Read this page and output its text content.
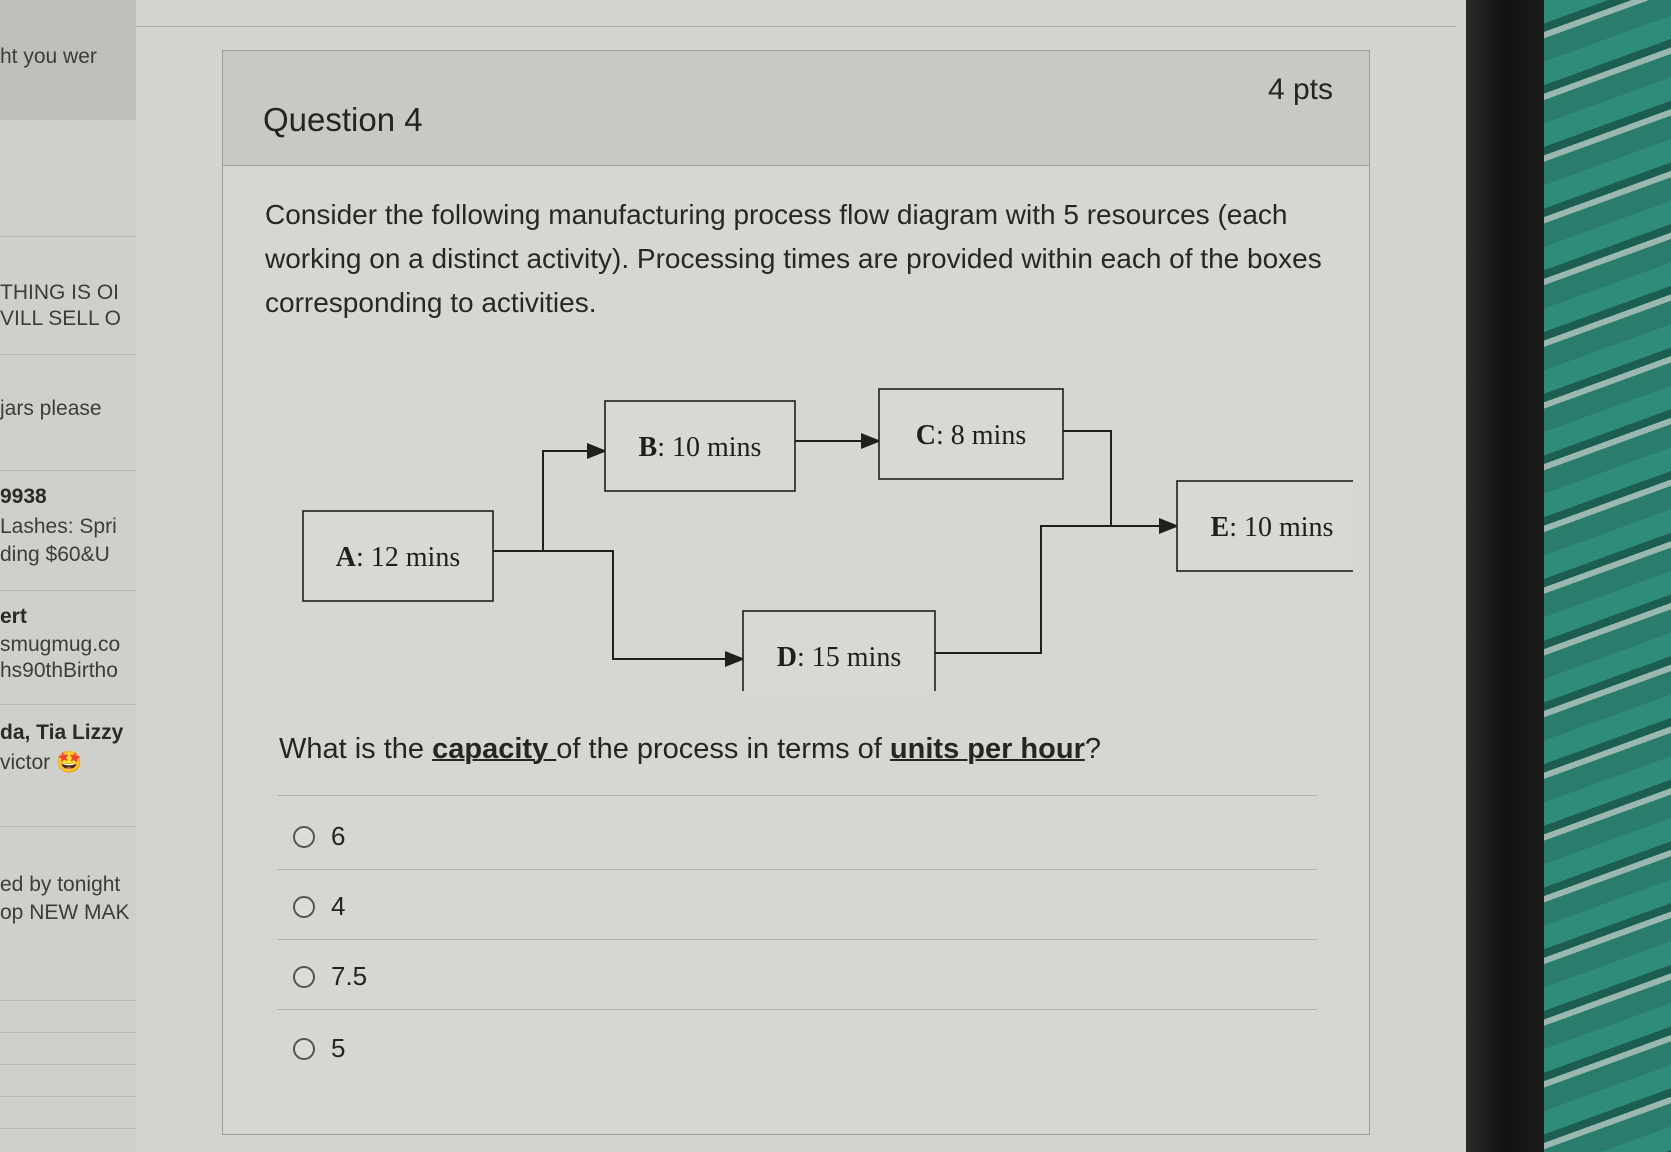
ht you wer
THING IS OI
VILL SELL O
jars please
9938
Lashes: Spri
ding $60&U
ert
smugmug.co
hs90thBirtho
da, Tia Lizzy
victor 🤩
ed by tonight
op NEW MAK
Question 4
4 pts
Consider the following manufacturing process flow diagram with 5 resources (each working on a distinct activity). Processing times are provided within each of the boxes corresponding to activities.
A: 12 mins
B: 10 mins	C: 8 mins
D: 15 mins
E: 10 mins
What is the capacity of the process in terms of units per hour?
6
4
7.5
5
